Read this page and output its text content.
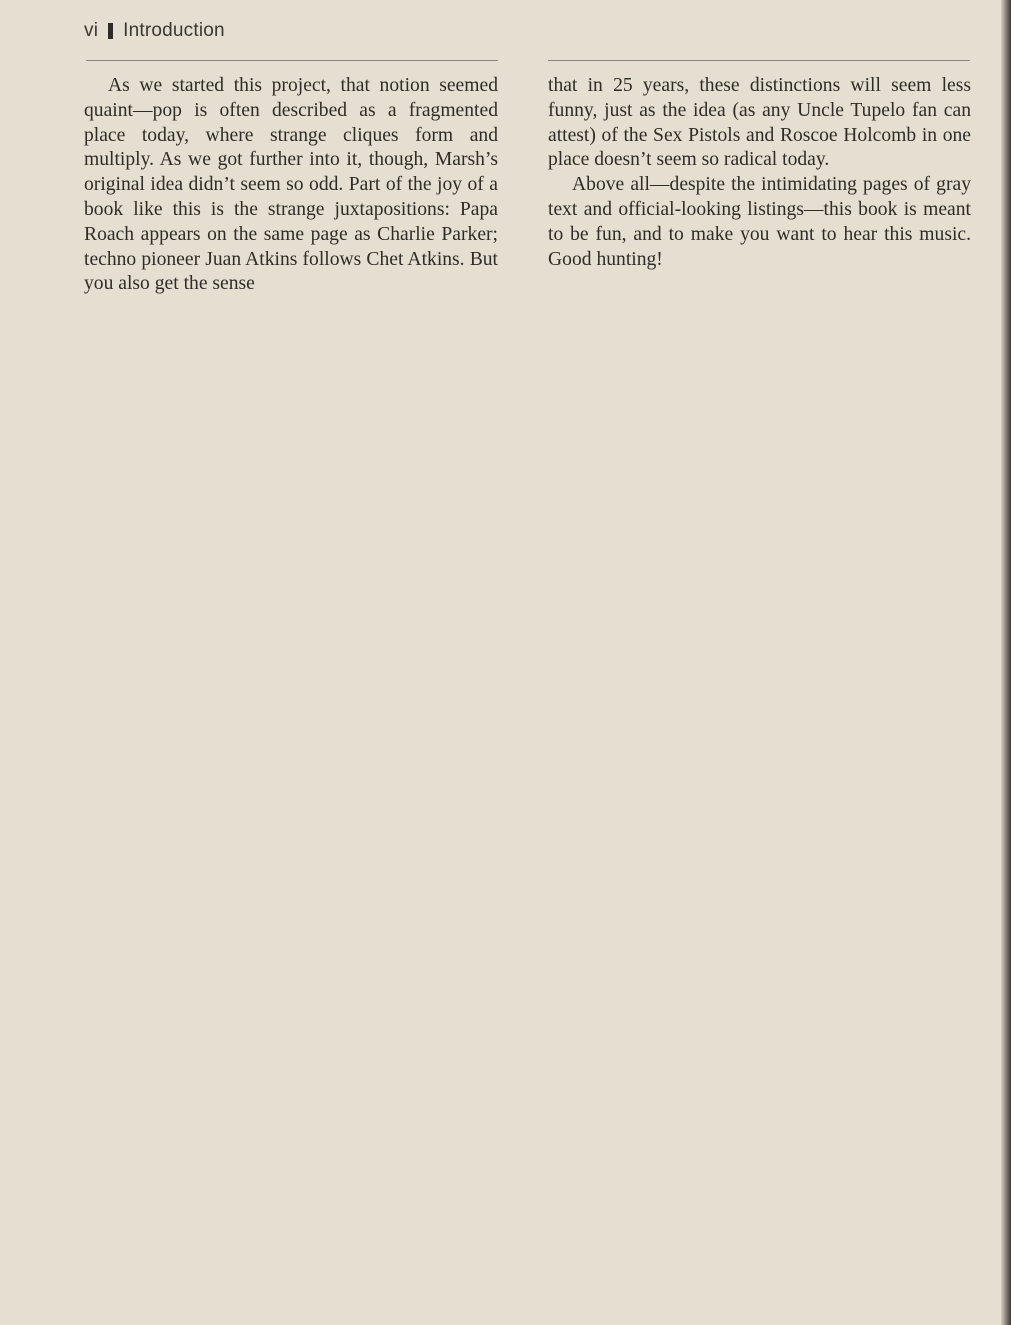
vi Introduction

As we started this project, that notion seemed quaint—pop is often described as a fragmented place today, where strange cliques form and multiply. As we got further into it, though, Marsh’s original idea didn’t seem so odd. Part of the joy of a book like this is the strange juxtapositions: Papa Roach appears on the same page as Charlie Parker; techno pioneer Juan Atkins follows Chet Atkins. But you also get the sense

that in 25 years, these distinctions will seem less funny, just as the idea (as any Uncle Tupelo fan can attest) of the Sex Pistols and Roscoe Holcomb in one place doesn’t seem so radical today.

Above all—despite the intimidating pages of gray text and official-looking listings—this book is meant to be fun, and to make you want to hear this music. Good hunting!
